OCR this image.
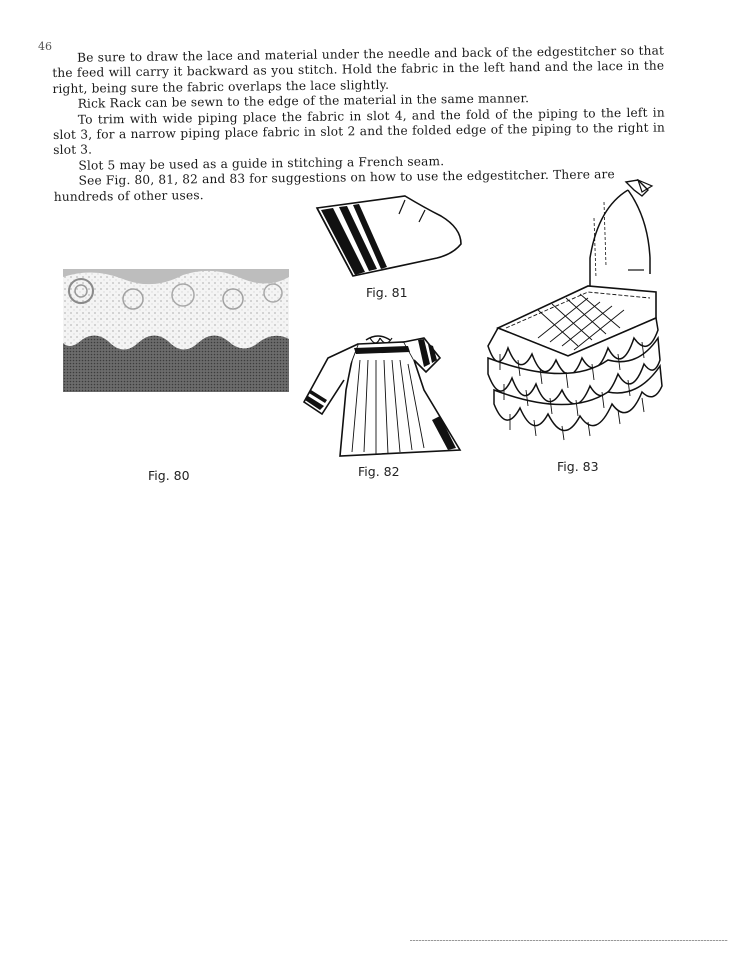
46	Be sure to draw the lace and material under the needle and back of the edgestitcher so that the feed will carry it backward as you stitch. Hold the fabric in the left hand and the lace in the right, being sure the fabric overlaps the lace slightly.

Rick Rack can be sewn to the edge of the material in the same manner.

To trim with wide piping place the fabric in slot 4, and the fold of the piping to the left in slot 3, for a narrow piping place fabric in slot 2 and the folded edge of the piping to the right in slot 3.

Slot 5 may be used as a guide in stitching a French seam.

See Fig. 80, 81, 82 and 83 for suggestions on how to use the edgestitcher. There are hundreds of other uses.

Fig. 80
Fig. 81
Fig. 82	Fig. 83
